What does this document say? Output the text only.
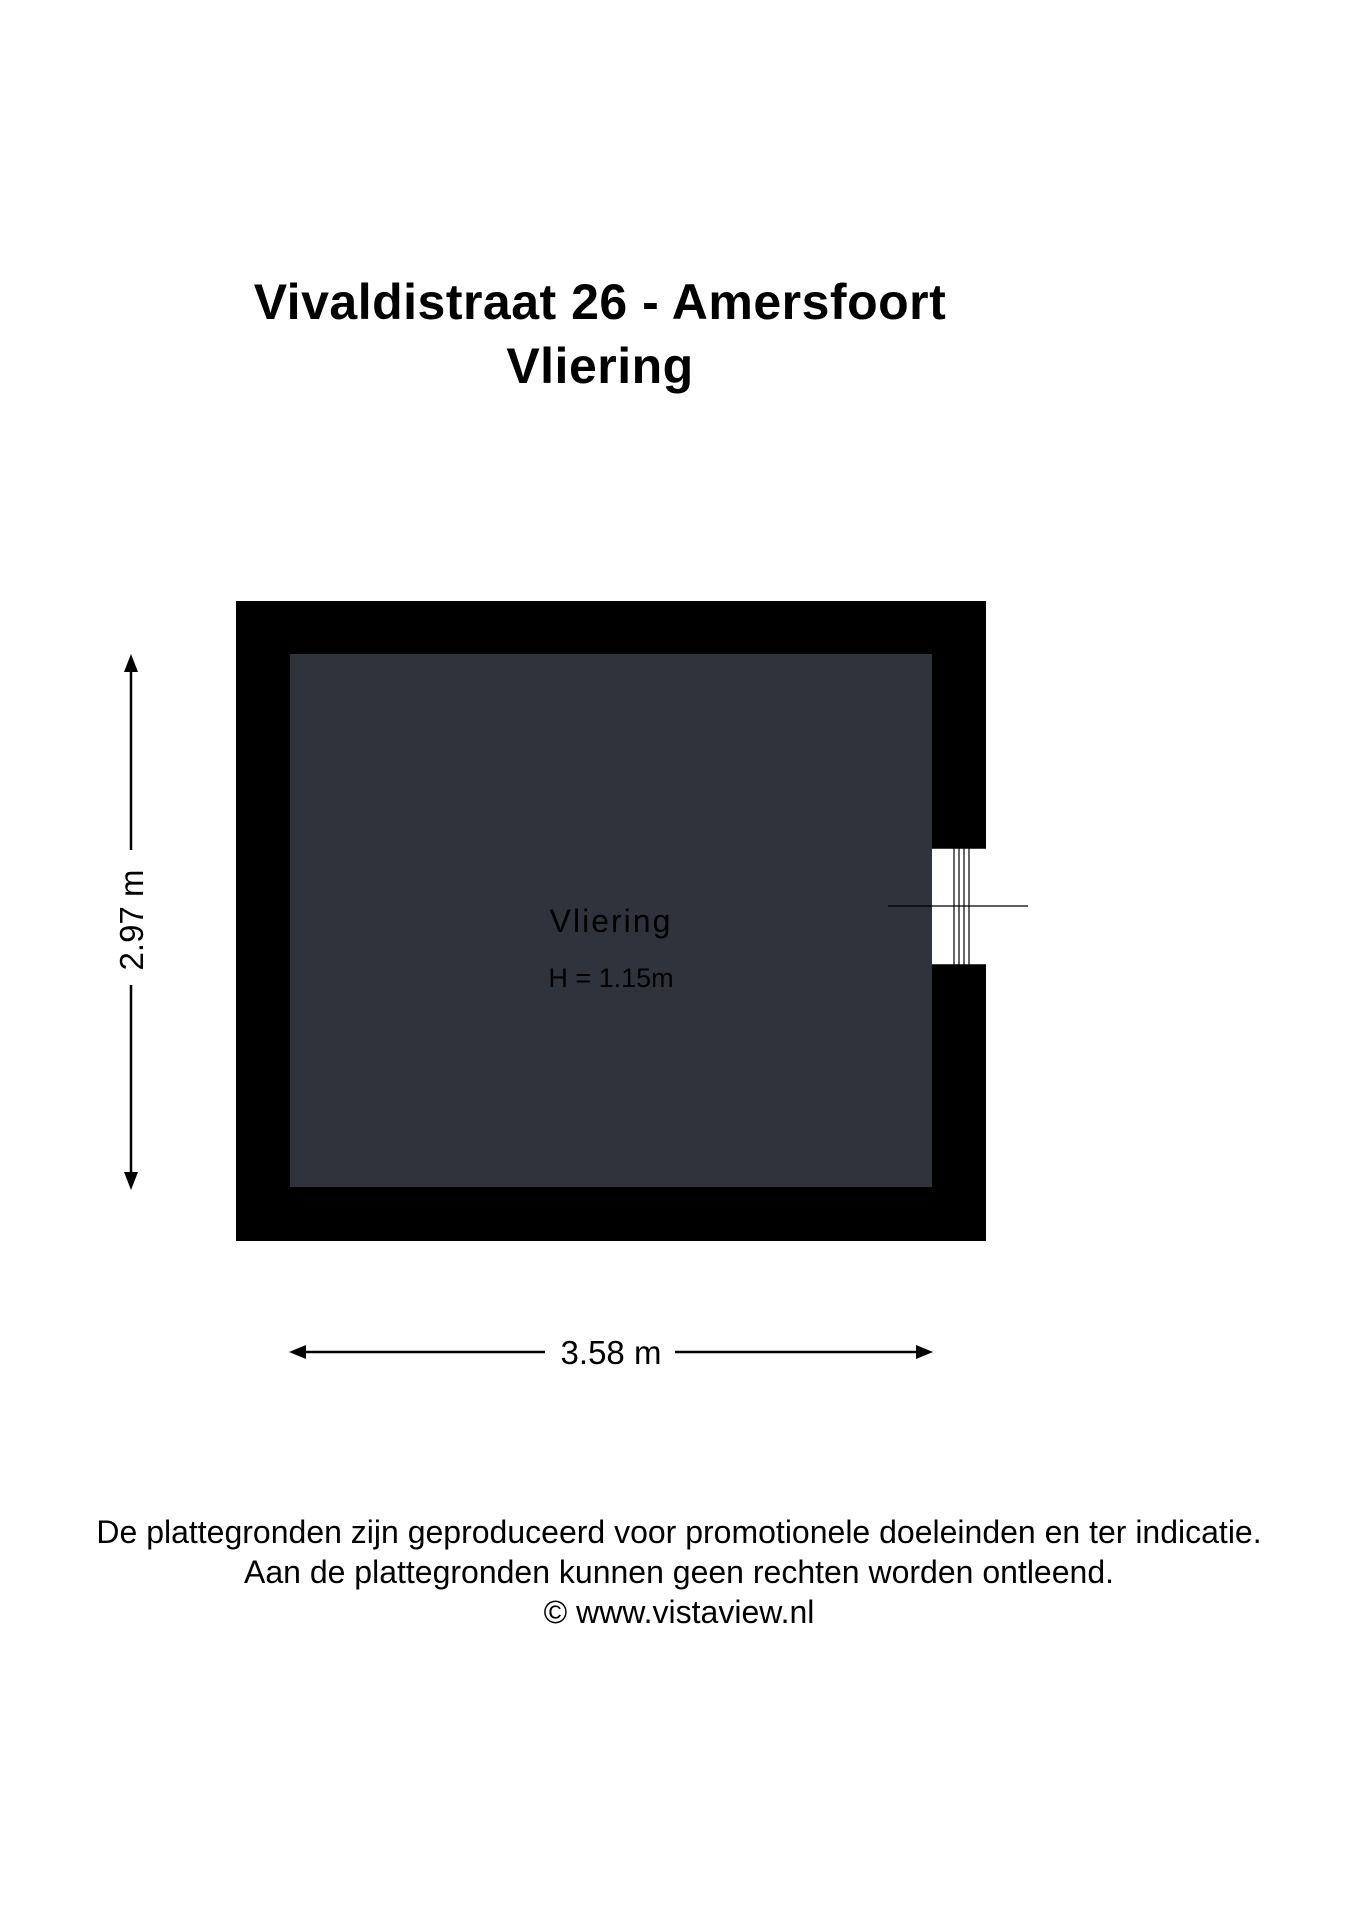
Vivaldistraat 26 - Amersfoort
Vliering
Vliering
H = 1.15m
3.58 m
2.97 m
De plattegronden zijn geproduceerd voor promotionele doeleinden en ter indicatie.
Aan de plattegronden kunnen geen rechten worden ontleend.
© www.vistaview.nl
